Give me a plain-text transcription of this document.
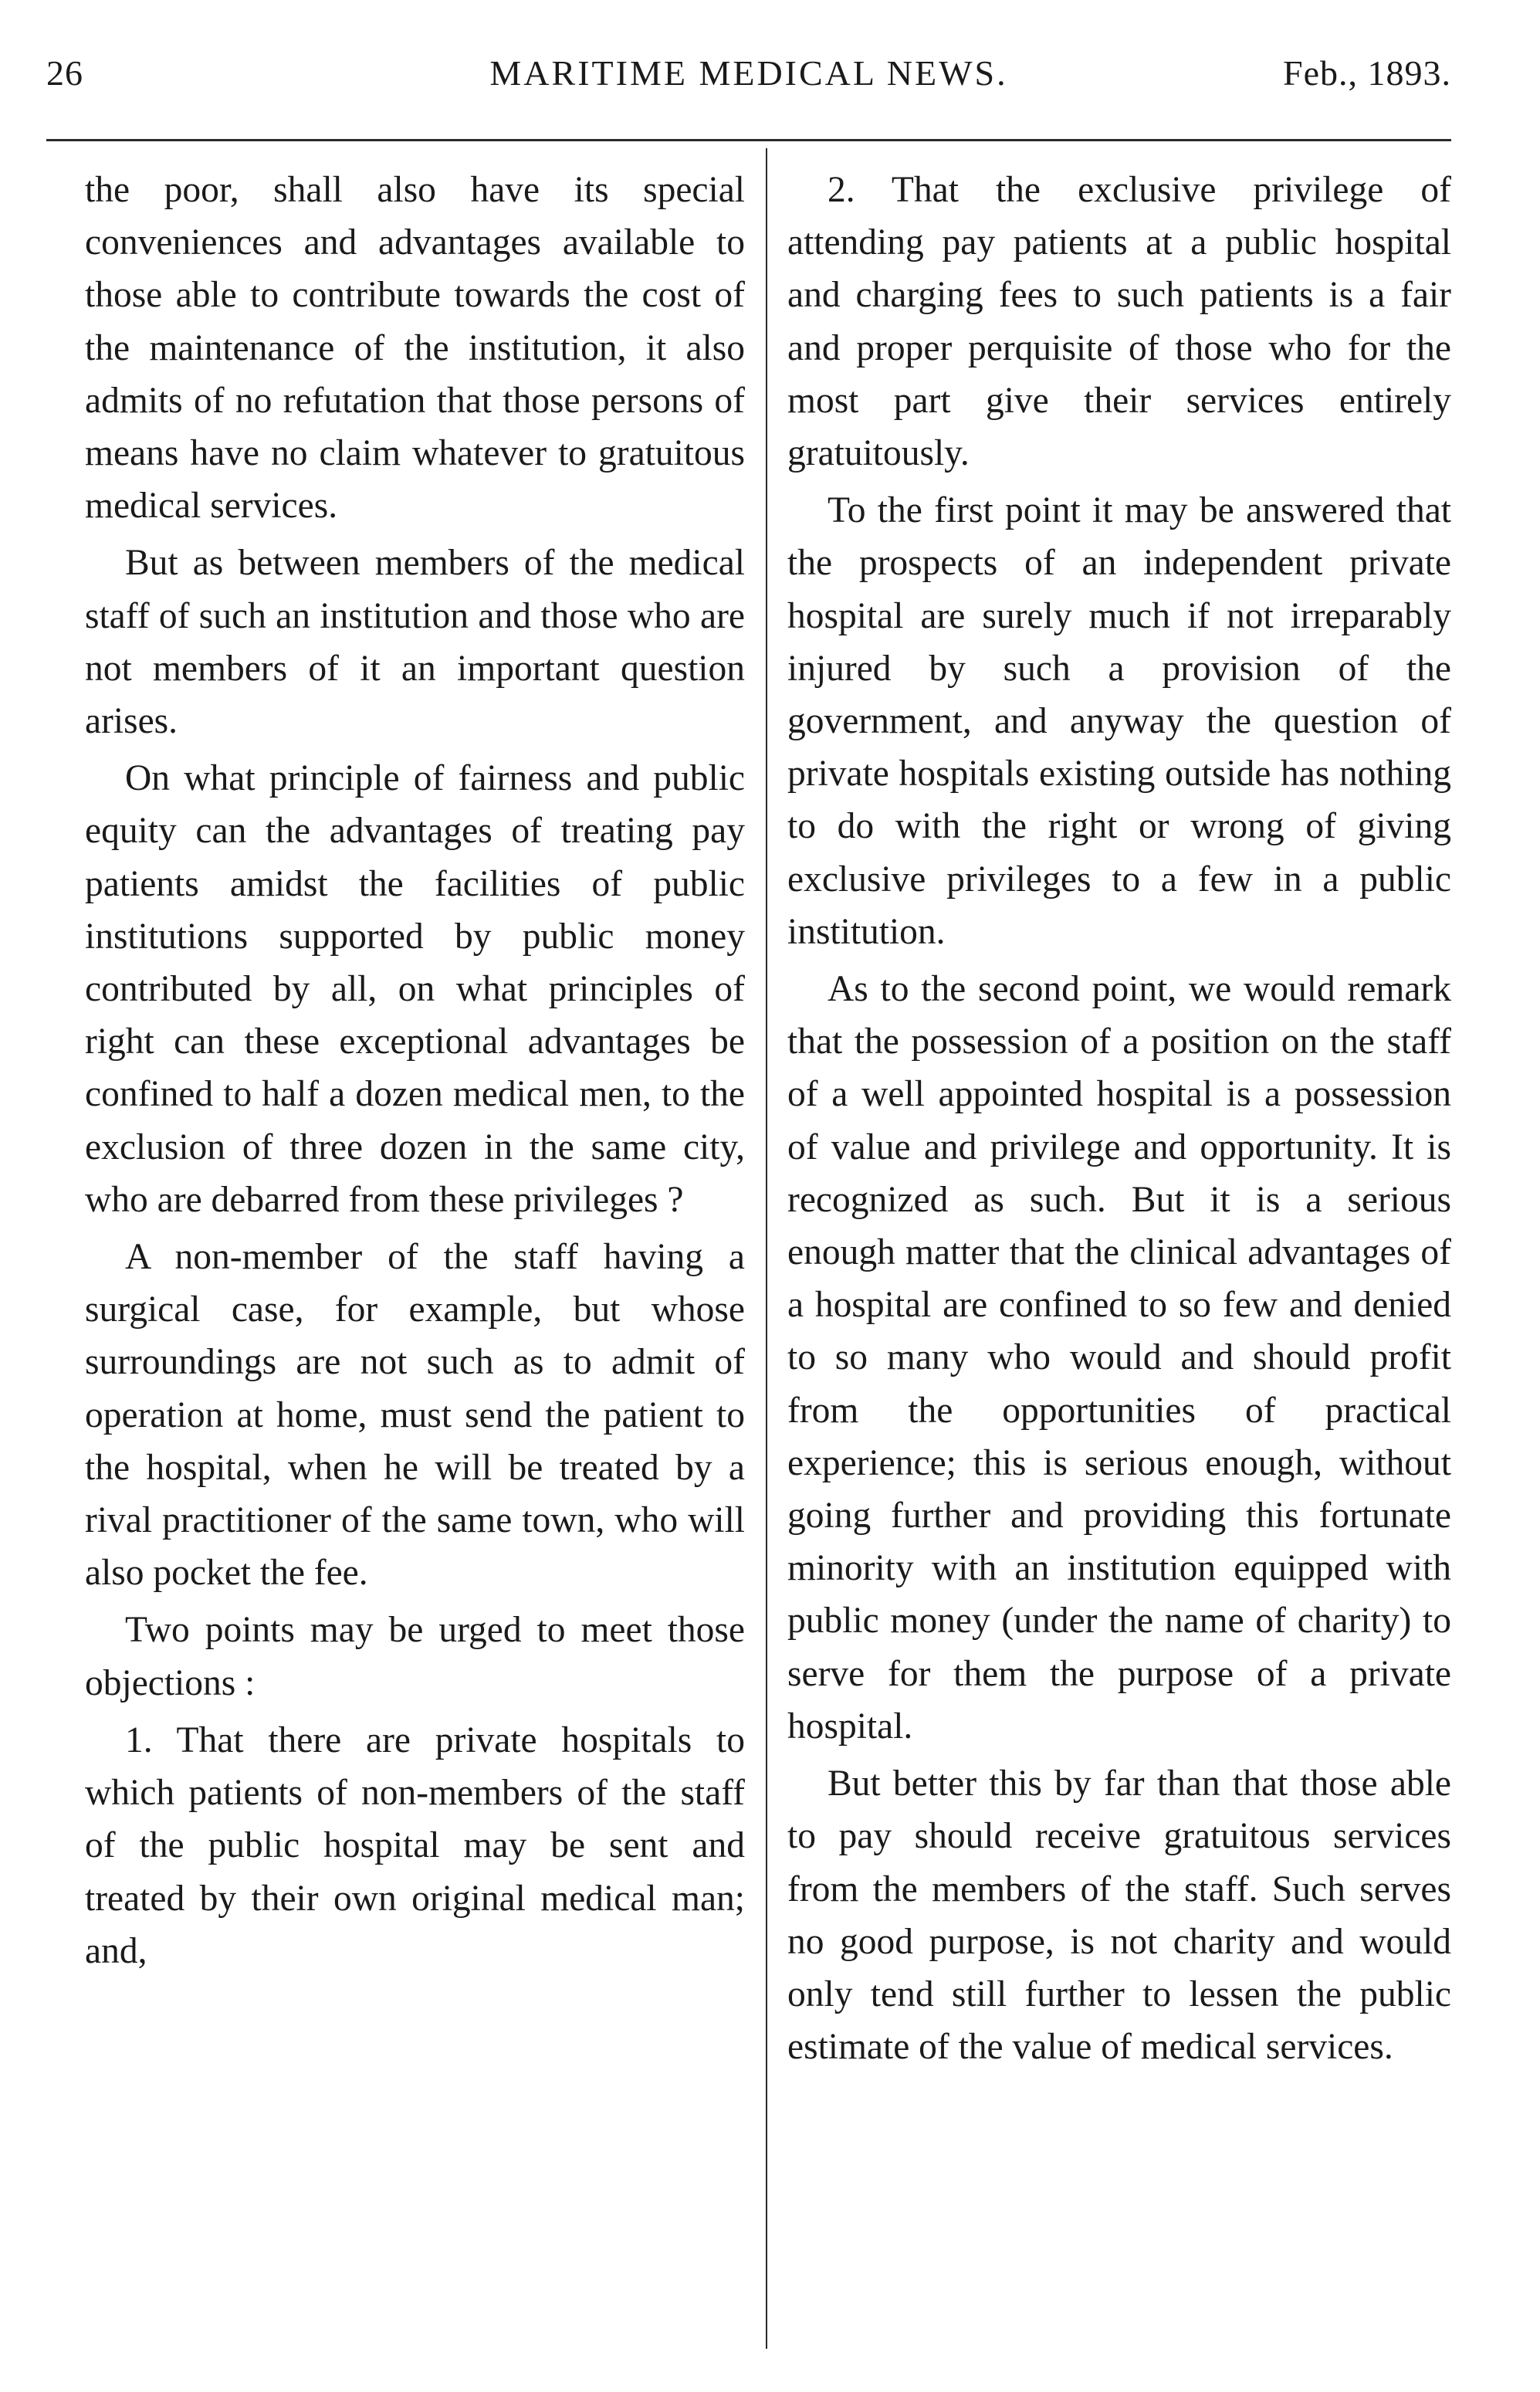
26	MARITIME MEDICAL NEWS.	Feb., 1893.

the poor, shall also have its special conveniences and advantages available to those able to contribute towards the cost of the maintenance of the institution, it also admits of no refutation that those persons of means have no claim whatever to gratuitous medical services.

But as between members of the medical staff of such an institution and those who are not members of it an important question arises.

On what principle of fairness and public equity can the advantages of treating pay patients amidst the facilities of public institutions supported by public money contributed by all, on what principles of right can these exceptional advantages be confined to half a dozen medical men, to the exclusion of three dozen in the same city, who are debarred from these privileges ?

A non-member of the staff having a surgical case, for example, but whose surroundings are not such as to admit of operation at home, must send the patient to the hospital, when he will be treated by a rival practitioner of the same town, who will also pocket the fee.

Two points may be urged to meet those objections :

1. That there are private hospitals to which patients of non-members of the staff of the public hospital may be sent and treated by their own original medical man; and,

2. That the exclusive privilege of attending pay patients at a public hospital and charging fees to such patients is a fair and proper perquisite of those who for the most part give their services entirely gratuitously.

To the first point it may be answered that the prospects of an independent private hospital are surely much if not irreparably injured by such a provision of the government, and anyway the question of private hospitals existing outside has nothing to do with the right or wrong of giving exclusive privileges to a few in a public institution.

As to the second point, we would remark that the possession of a position on the staff of a well appointed hospital is a possession of value and privilege and opportunity. It is recognized as such. But it is a serious enough matter that the clinical advantages of a hospital are confined to so few and denied to so many who would and should profit from the opportunities of practical experience; this is serious enough, without going further and providing this fortunate minority with an institution equipped with public money (under the name of charity) to serve for them the purpose of a private hospital.

But better this by far than that those able to pay should receive gratuitous services from the members of the staff. Such serves no good purpose, is not charity and would only tend still further to lessen the public estimate of the value of medical services.
